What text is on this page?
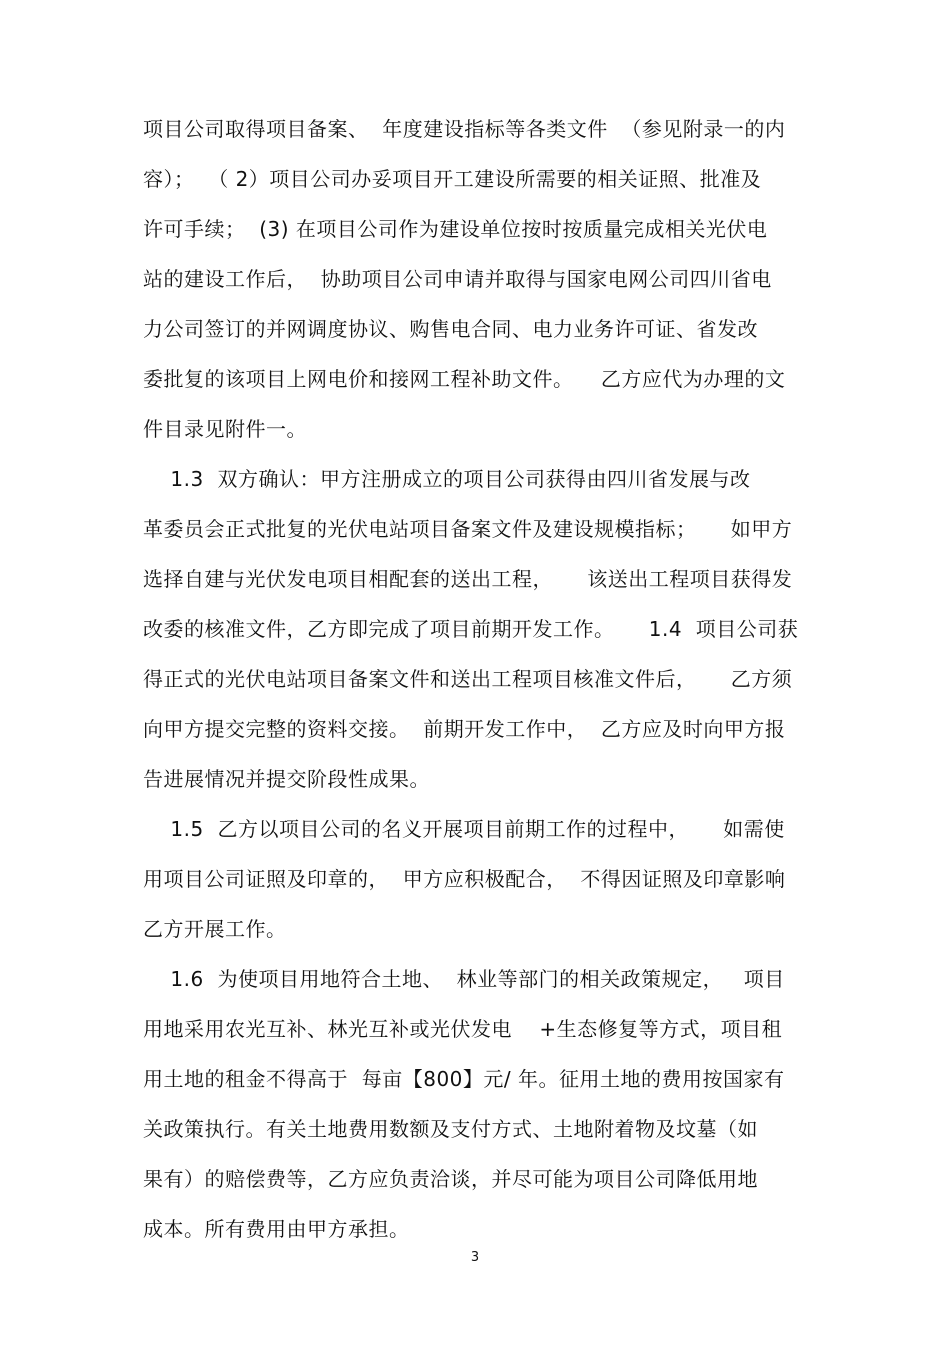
项目公司取得项目备案、  年度建设指标等各类文件  （参见附录一的内
容）；  （ 2）项目公司办妥项目开工建设所需要的相关证照、批准及
许可手续；  (3) 在项目公司作为建设单位按时按质量完成相关光伏电
站的建设工作后，  协助项目公司申请并取得与国家电网公司四川省电
力公司签订的并网调度协议、购售电合同、电力业务许可证、省发改
委批复的该项目上网电价和接网工程补助文件。    乙方应代为办理的文
件目录见附件一。
1.3  双方确认：甲方注册成立的项目公司获得由四川省发展与改
革委员会正式批复的光伏电站项目备案文件及建设规模指标；     如甲方
选择自建与光伏发电项目相配套的送出工程，     该送出工程项目获得发
改委的核准文件，乙方即完成了项目前期开发工作。     1.4  项目公司获
得正式的光伏电站项目备案文件和送出工程项目核准文件后，     乙方须
向甲方提交完整的资料交接。  前期开发工作中，  乙方应及时向甲方报
告进展情况并提交阶段性成果。
1.5  乙方以项目公司的名义开展项目前期工作的过程中，     如需使
用项目公司证照及印章的，  甲方应积极配合，  不得因证照及印章影响
乙方开展工作。
1.6  为使项目用地符合土地、  林业等部门的相关政策规定，   项目
用地采用农光互补、林光互补或光伏发电    +生态修复等方式，项目租
用土地的租金不得高于  每亩【800】元/ 年。征用土地的费用按国家有
关政策执行。有关土地费用数额及支付方式、土地附着物及坟墓（如
果有）的赔偿费等，乙方应负责洽谈，并尽可能为项目公司降低用地
成本。所有费用由甲方承担。
3
